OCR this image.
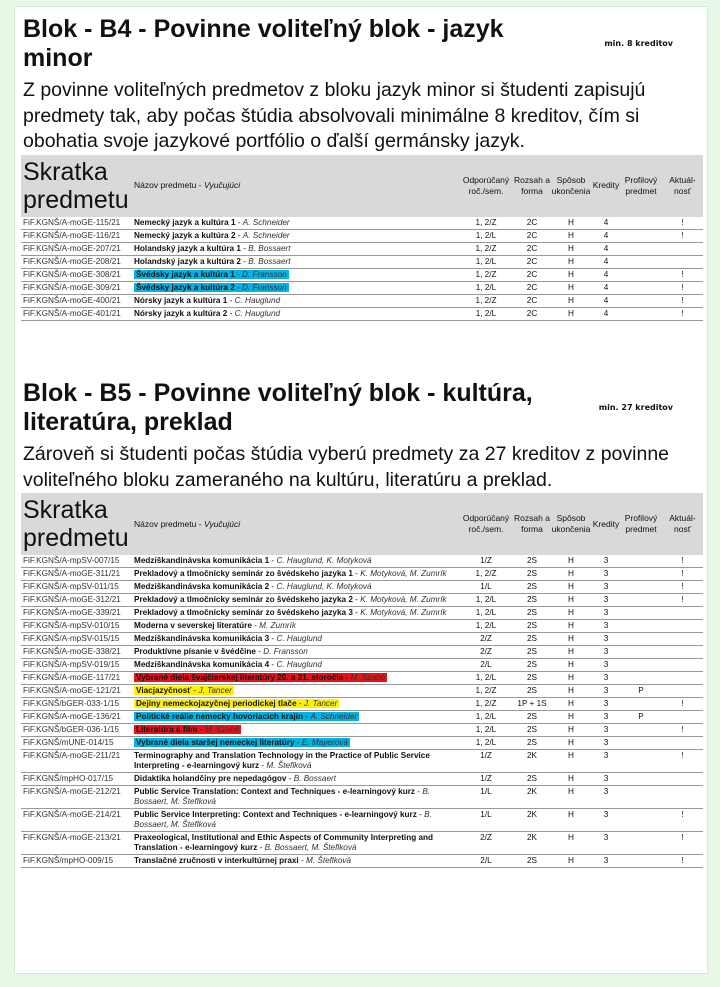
Blok - B4 - Povinne voliteľný blok - jazyk minor
min. 8 kreditov
Z povinne voliteľných predmetov z bloku jazyk minor si študenti zapisujú predmety tak, aby počas štúdia absolvovali minimálne 8 kreditov, čím si obohatia svoje jazykové portfólio o ďalší germánsky jazyk.
Skratka predmetu	Názov predmetu - Vyučujúci	Odporúčaný roč./sem.	Rozsah a forma	Spôsob ukončenia	Kredity	Profilový predmet	Aktuál-nosť
FiF.KGNŠ/A-moGE-115/21	Nemecký jazyk a kultúra 1 - A. Schneider	1, 2/Z	2C	H	4		!
FiF.KGNŠ/A-moGE-116/21	Nemecký jazyk a kultúra 2 - A. Schneider	1, 2/L	2C	H	4		!
FiF.KGNŠ/A-moGE-207/21	Holandský jazyk a kultúra 1 - B. Bossaert	1, 2/Z	2C	H	4		
FiF.KGNŠ/A-moGE-208/21	Holandský jazyk a kultúra 2 - B. Bossaert	1, 2/L	2C	H	4		
FiF.KGNŠ/A-moGE-308/21	Švédsky jazyk a kultúra 1 - D. Fransson	1, 2/Z	2C	H	4		!
FiF.KGNŠ/A-moGE-309/21	Švédsky jazyk a kultúra 2 - D. Fransson	1, 2/L	2C	H	4		!
FiF.KGNŠ/A-moGE-400/21	Nórsky jazyk a kultúra 1 - C. Hauglund	1, 2/Z	2C	H	4		!
FiF.KGNŠ/A-moGE-401/21	Nórsky jazyk a kultúra 2 - C. Hauglund	1, 2/L	2C	H	4		!
Blok - B5 - Povinne voliteľný blok - kultúra, literatúra, preklad
min. 27 kreditov
Zároveň si študenti počas štúdia vyberú predmety za 27 kreditov z povinne voliteľného bloku zameraného na kultúru, literatúru a preklad.
Skratka predmetu	Názov predmetu - Vyučujúci	Odporúčaný roč./sem.	Rozsah a forma	Spôsob ukončenia	Kredity	Profilový predmet	Aktuál-nosť
FiF.KGNŠ/A-mpSV-007/15	Medziškandinávska komunikácia 1 - C. Hauglund, K. Motyková	1/Z	2S	H	3		!
FiF.KGNŠ/A-moGE-311/21	Prekladový a tlmočnícky seminár zo švédskeho jazyka 1 - K. Motyková, M. Zumrík	1, 2/Z	2S	H	3		!
FiF.KGNŠ/A-mpSV-011/15	Medziškandinávska komunikácia 2 - C. Hauglund, K. Motyková	1/L	2S	H	3		!
FiF.KGNŠ/A-moGE-312/21	Prekladový a tlmočnícky seminár zo švédskeho jazyka 2 - K. Motyková, M. Zumrík	1, 2/L	2S	H	3		!
FiF.KGNŠ/A-moGE-339/21	Prekladový a tlmočnícky seminár zo švédskeho jazyka 3 - K. Motyková, M. Zumrík	1, 2/L	2S	H	3		
FiF.KGNŠ/A-mpSV-010/15	Moderna v severskej literatúre - M. Zumrík	1, 2/L	2S	H	3		
FiF.KGNŠ/A-mpSV-015/15	Medziškandinávska komunikácia 3 - C. Hauglund	2/Z	2S	H	3		
FiF.KGNŠ/A-moGE-338/21	Produktívne písanie v švédčine - D. Fransson	2/Z	2S	H	3		
FiF.KGNŠ/A-mpSV-019/15	Medziškandinávska komunikácia 4 - C. Hauglund	2/L	2S	H	3		
FiF.KGNŠ/A-moGE-117/21	Vybrané diela švajčiarskej literatúry 20. a 21. storočia - M. Szabó	1, 2/L	2S	H	3		
FiF.KGNŠ/A-moGE-121/21	Viacjazyčnosť - J. Tancer	1, 2/Z	2S	H	3	P	
FiF.KGNŠ/bGER-033-1/15	Dejiny nemeckojazyčnej periodickej tlače - J. Tancer	1, 2/Z	1P + 1S	H	3		!
FiF.KGNŠ/A-moGE-136/21	Politické reálie nemecky hovoriacich krajín - A. Schneider	1, 2/L	2S	H	3	P	
FiF.KGNŠ/bGER-036-1/15	Literatúra a film - M. Szabó	1, 2/L	2S	H	3		!
FiF.KGNŠ/mUNE-014/15	Vybrané diela staršej nemeckej literatúry - E. Mayerová	1, 2/L	2S	H	3		
FiF.KGNŠ/A-moGE-211/21	Terminography and Translation Technology in the Practice of Public Service Interpreting - e-learningový kurz - M. Šteflková	1/Z	2K	H	3		!
FiF.KGNŠ/mpHO-017/15	Didaktika holandčiny pre nepedagógov - B. Bossaert	1/Z	2S	H	3		
FiF.KGNŠ/A-moGE-212/21	Public Service Translation: Context and Techniques - e-learningový kurz - B. Bossaert, M. Šteflková	1/L	2K	H	3		
FiF.KGNŠ/A-moGE-214/21	Public Service Interpreting: Context and Techniques - e-learningový kurz - B. Bossaert, M. Šteflková	1/L	2K	H	3		!
FiF.KGNŠ/A-moGE-213/21	Praxeological, Institutional and Ethic Aspects of Community Interpreting and Translation - e-learningový kurz - B. Bossaert, M. Šteflková	2/Z	2K	H	3		!
FiF.KGNŠ/mpHO-009/15	Translačné zručnosti v interkultúrnej praxi - M. Šteflková	2/L	2S	H	3		!
